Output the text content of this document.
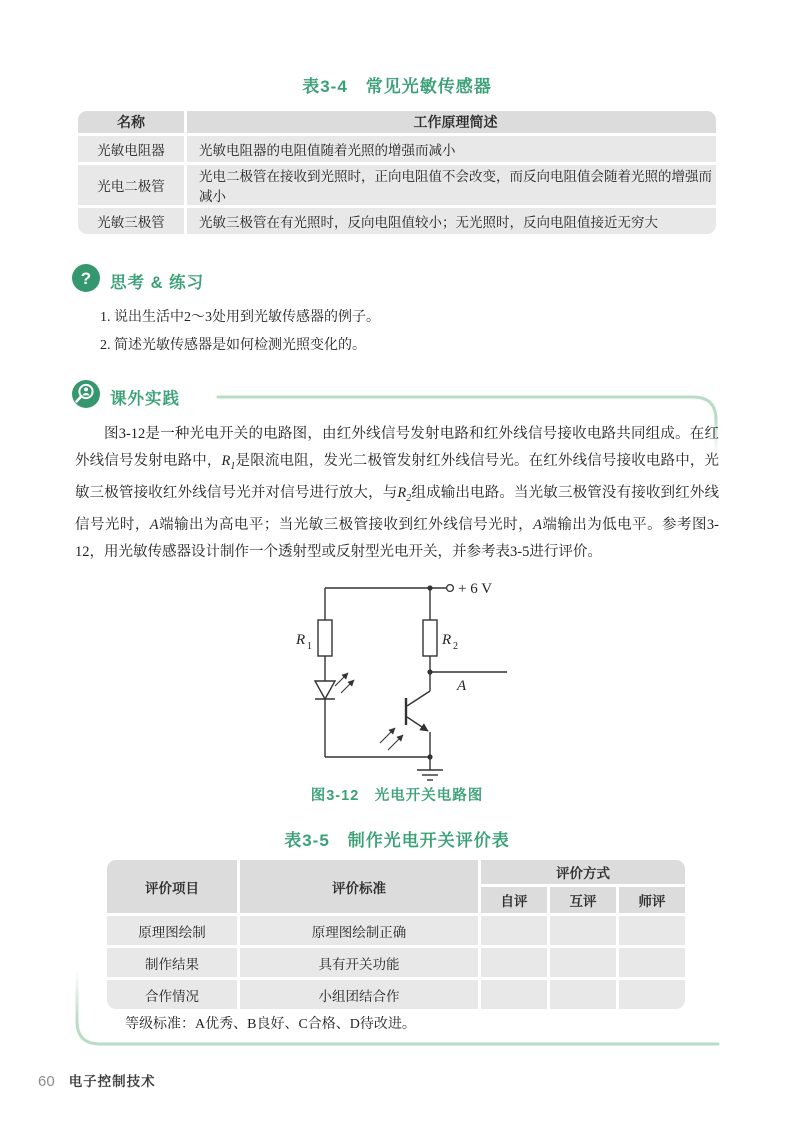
表3-4　常见光敏传感器
名称	工作原理简述
光敏电阻器	光敏电阻器的电阻值随着光照的增强而减小
光电二极管	光电二极管在接收到光照时，正向电阻值不会改变，而反向电阻值会随着光照的增强而减小
光敏三极管	光敏三极管在有光照时，反向电阻值较小；无光照时，反向电阻值接近无穷大
? 思考 & 练习

1. 说出生活中2～3处用到光敏传感器的例子。

2. 简述光敏传感器是如何检测光照变化的。

课外实践

图3-12是一种光电开关的电路图，由红外线信号发射电路和红外线信号接收电路共同组成。在红外线信号发射电路中，$R_1$是限流电阻，发光二极管发射红外线信号光。在红外线信号接收电路中，光敏三极管接收红外线信号光并对信号进行放大，与$R_2$组成输出电路。当光敏三极管没有接收到红外线信号光时，A端输出为高电平；当光敏三极管接收到红外线信号光时，A端输出为低电平。参考图3-12，用光敏传感器设计制作一个透射型或反射型光电开关，并参考表3-5进行评价。

+ 6 V
R 1	R 2
A

图3-12　光电开关电路图

表3-5　制作光电开关评价表
评价项目	评价标准	评价方式		
		自评	互评	师评
原理图绘制	原理图绘制正确			
制作结果	具有开关功能			
合作情况	小组团结合作			

等级标准：A优秀、B良好、C合格、D待改进。

60 电子控制技术
